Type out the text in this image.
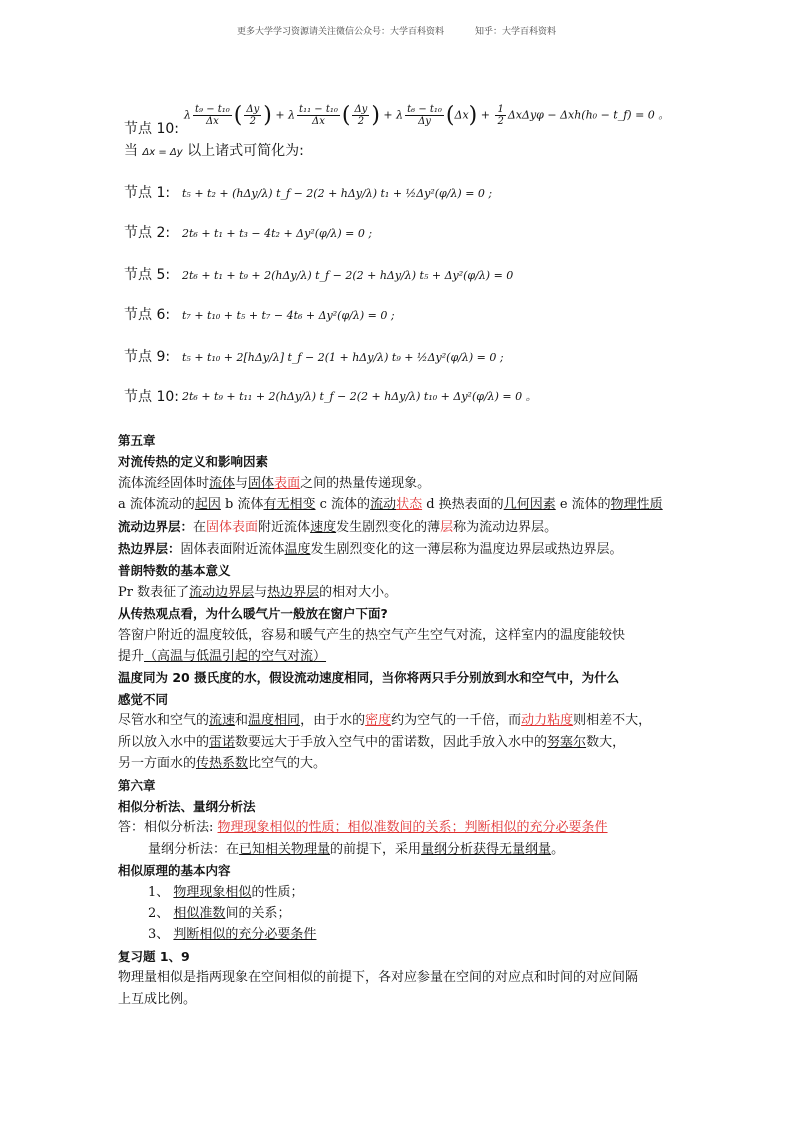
更多大学学习资源请关注微信公众号：大学百科资料	知乎：大学百科资料
节点 10:
λ $\frac{\text{t₉ − t₁₀}}{\Delta x}$ ( $\frac{\Delta y}{2}$ ) + λ $\frac{\text{t₁₁ − t₁₀}}{\Delta x}$ ( $\frac{\Delta y}{2}$ ) + λ $\frac{\text{t₆ − t₁₀}}{\Delta y} (\Delta x) + \frac{1}{2}$ ΔxΔyφ − Δxh(h₀ − t_f) = 0 。
当 Δx = Δy 以上诸式可简化为:
节点 1: t₅ + t₂ + (hΔy/λ) t_f − 2(2 + hΔy/λ) t₁ + ½Δy²(φ/λ) = 0 ;
节点 2: 2t₆ + t₁ + t₃ − 4t₂ + Δy²(φ/λ) = 0 ;
节点 5: 2t₆ + t₁ + t₉ + 2(hΔy/λ) t_f − 2(2 + hΔy/λ) t₅ + Δy²(φ/λ) = 0
节点 6: t₇ + t₁₀ + t₅ + t₇ − 4t₆ + Δy²(φ/λ) = 0 ;
节点 9: t₅ + t₁₀ + 2[hΔy/λ] t_f − 2(1 + hΔy/λ) t₉ + ½Δy²(φ/λ) = 0 ;
节点 10: 2t₆ + t₉ + t₁₁ + 2(hΔy/λ) t_f − 2(2 + hΔy/λ) t₁₀ + Δy²(φ/λ) = 0 。

第五章

对流传热的定义和影响因素

流体流经固体时流体与固体表面之间的热量传递现象。

a 流体流动的起因 b 流体有无相变 c 流体的流动状态 d 换热表面的几何因素 e 流体的物理性质

流动边界层：在固体表面附近流体速度发生剧烈变化的薄层称为流动边界层。

热边界层：固体表面附近流体温度发生剧烈变化的这一薄层称为温度边界层或热边界层。

普朗特数的基本意义

Pr 数表征了流动边界层与热边界层的相对大小。

从传热观点看，为什么暖气片一般放在窗户下面?

答窗户附近的温度较低，容易和暖气产生的热空气产生空气对流，这样室内的温度能较快

提升（高温与低温引起的空气对流）

温度同为 20 摄氏度的水，假设流动速度相同，当你将两只手分别放到水和空气中，为什么

感觉不同

尽管水和空气的流速和温度相同，由于水的密度约为空气的一千倍，而动力粘度则相差不大，

所以放入水中的雷诺数要远大于手放入空气中的雷诺数，因此手放入水中的努塞尔数大，

另一方面水的传热系数比空气的大。

第六章

相似分析法、量纲分析法

答：相似分析法: 物理现象相似的性质；相似准数间的关系；判断相似的充分必要条件

量纲分析法：在已知相关物理量的前提下，采用量纲分析获得无量纲量。

相似原理的基本内容

1、 物理现象相似的性质；

2、 相似准数间的关系；

3、 判断相似的充分必要条件

复习题 1、9

物理量相似是指两现象在空间相似的前提下，各对应参量在空间的对应点和时间的对应间隔

上互成比例。
